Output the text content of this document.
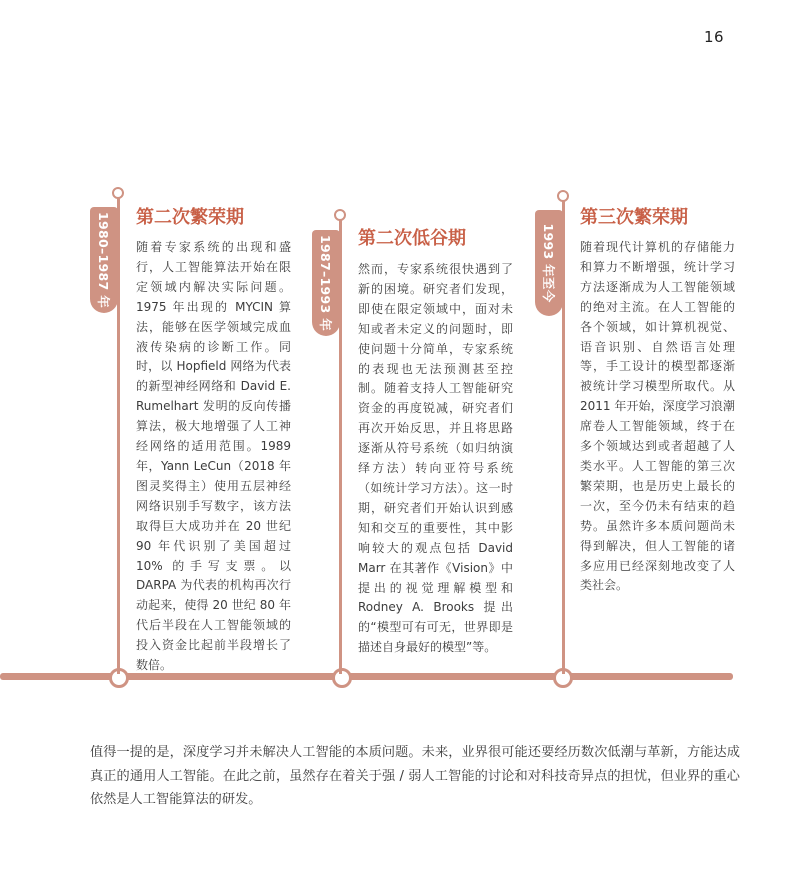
16
1980–1987 年 第二次繁荣期

随着专家系统的出现和盛行，人工智能算法开始在限定领域内解决实际问题。1975 年出现的 MYCIN 算法，能够在医学领域完成血液传染病的诊断工作。同时，以 Hopfield 网络为代表的新型神经网络和 David E. Rumelhart 发明的反向传播算法，极大地增强了人工神经网络的适用范围。1989年，Yann LeCun（2018 年图灵奖得主）使用五层神经网络识别手写数字，该方法取得巨大成功并在 20 世纪 90 年代识别了美国超过 10% 的手写支票。以 DARPA 为代表的机构再次行动起来，使得 20 世纪 80 年代后半段在人工智能领域的投入资金比起前半段增长了数倍。

1987–1993 年 第二次低谷期

然而，专家系统很快遇到了新的困境。研究者们发现，即使在限定领域中，面对未知或者未定义的问题时，即使问题十分简单，专家系统的表现也无法预测甚至控制。随着支持人工智能研究资金的再度锐减，研究者们再次开始反思，并且将思路逐渐从符号系统（如归纳演绎方法）转向亚符号系统（如统计学习方法）。这一时期，研究者们开始认识到感知和交互的重要性，其中影响较大的观点包括 David Marr 在其著作《Vision》中提出的视觉理解模型和 Rodney A. Brooks 提出的“模型可有可无，世界即是描述自身最好的模型”等。

1993 年至今
第三次繁荣期

随着现代计算机的存储能力和算力不断增强，统计学习方法逐渐成为人工智能领域的绝对主流。在人工智能的各个领域，如计算机视觉、语音识别、自然语言处理等，手工设计的模型都逐渐被统计学习模型所取代。从 2011 年开始，深度学习浪潮席卷人工智能领域，终于在多个领域达到或者超越了人类水平。人工智能的第三次繁荣期，也是历史上最长的一次，至今仍未有结束的趋势。虽然许多本质问题尚未得到解决，但人工智能的诸多应用已经深刻地改变了人类社会。

值得一提的是，深度学习并未解决人工智能的本质问题。未来，业界很可能还要经历数次低潮与革新，方能达成真正的通用人工智能。在此之前，虽然存在着关于强 / 弱人工智能的讨论和对科技奇异点的担忧，但业界的重心依然是人工智能算法的研发。
